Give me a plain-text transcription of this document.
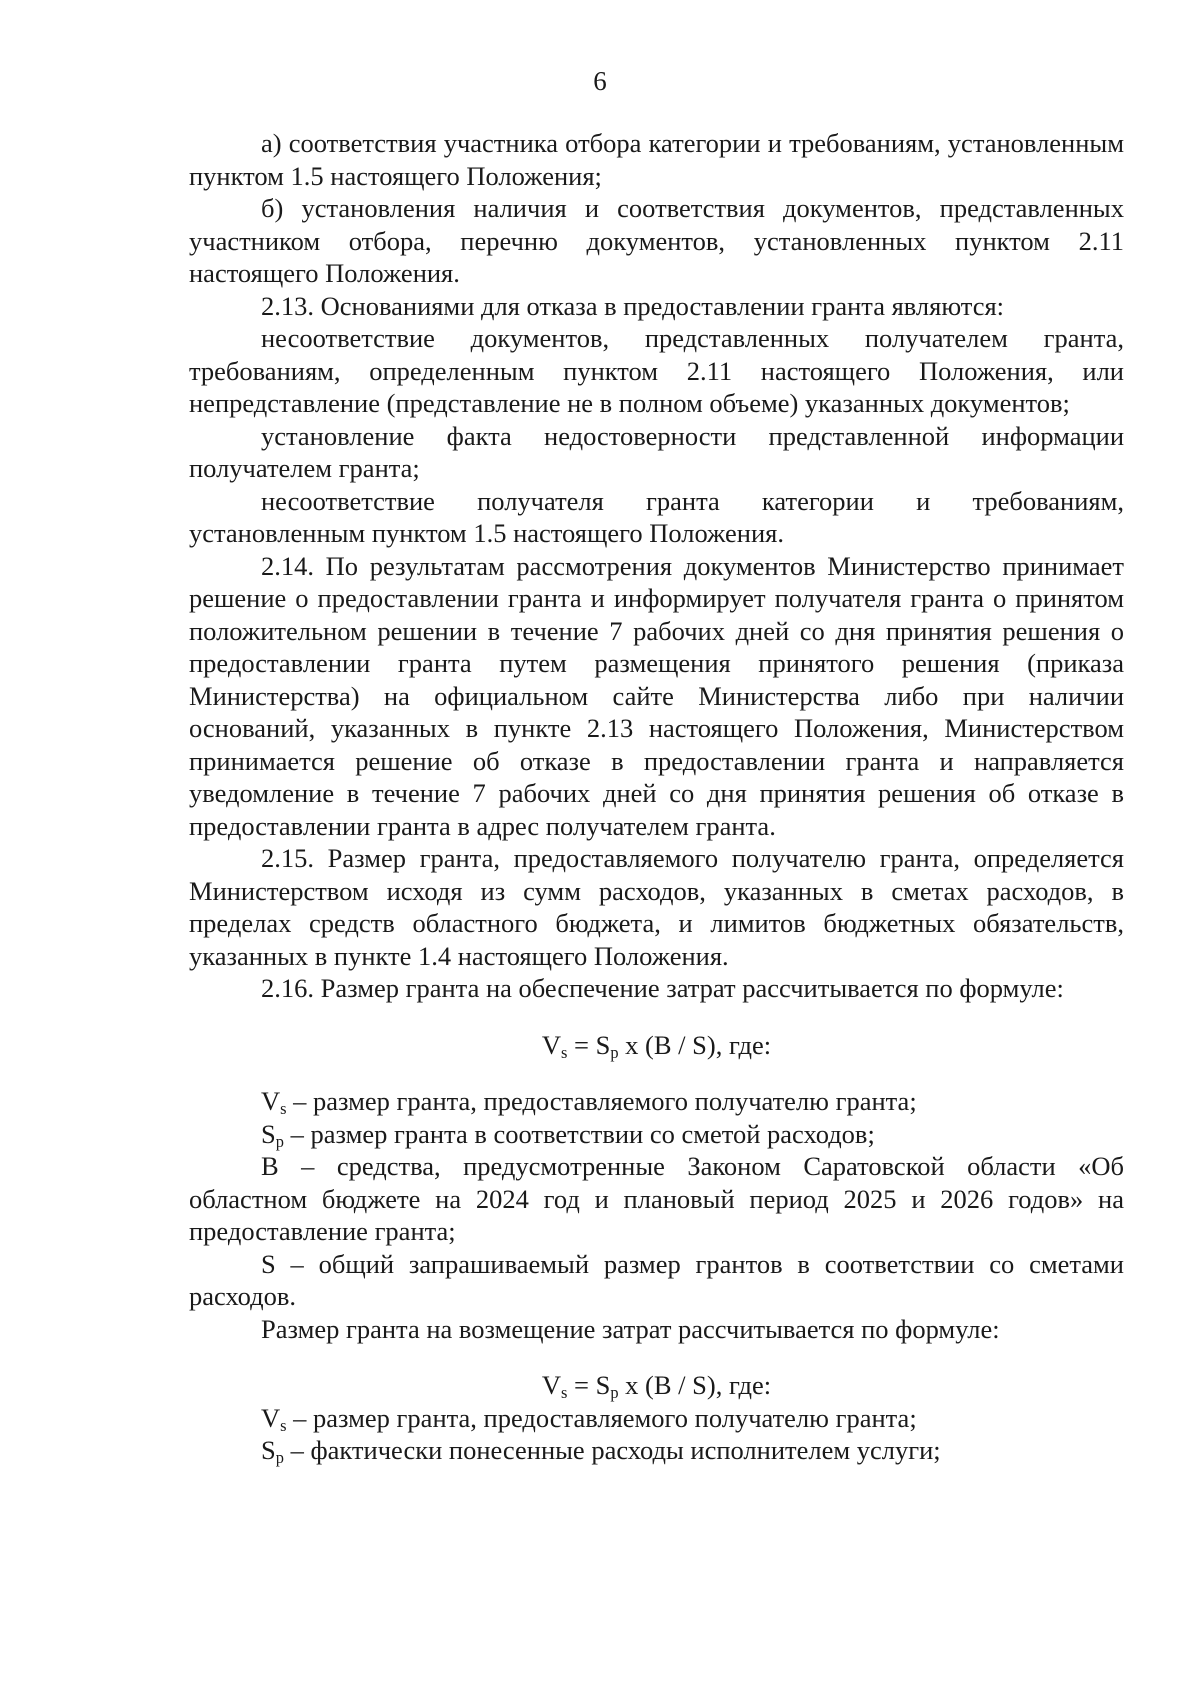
6

а) соответствия участника отбора категории и требованиям, установленным пунктом 1.5 настоящего Положения;

б) установления наличия и соответствия документов, представленных участником отбора, перечню документов, установленных пунктом 2.11 настоящего Положения.

2.13. Основаниями для отказа в предоставлении гранта являются:

несоответствие документов, представленных получателем гранта, требованиям, определенным пунктом 2.11 настоящего Положения, или непредставление (представление не в полном объеме) указанных документов;

установление факта недостоверности представленной информации получателем гранта;

несоответствие получателя гранта категории и требованиям, установленным пунктом 1.5 настоящего Положения.

2.14. По результатам рассмотрения документов Министерство принимает решение о предоставлении гранта и информирует получателя гранта о принятом положительном решении в течение 7 рабочих дней со дня принятия решения о предоставлении гранта путем размещения принятого решения (приказа Министерства) на официальном сайте Министерства либо при наличии оснований, указанных в пункте 2.13 настоящего Положения, Министерством принимается решение об отказе в предоставлении гранта и направляется уведомление в течение 7 рабочих дней со дня принятия решения об отказе в предоставлении гранта в адрес получателем гранта.

2.15. Размер гранта, предоставляемого получателю гранта, определяется Министерством исходя из сумм расходов, указанных в сметах расходов, в пределах средств областного бюджета, и лимитов бюджетных обязательств, указанных в пункте 1.4 настоящего Положения.

2.16. Размер гранта на обеспечение затрат рассчитывается по формуле:

$V_s = S_p$ x (B / S), где:

$V_s$ – размер гранта, предоставляемого получателю гранта;

$S_p$ – размер гранта в соответствии со сметой расходов;

В – средства, предусмотренные Законом Саратовской области «Об областном бюджете на 2024 год и плановый период 2025 и 2026 годов» на предоставление гранта;

S – общий запрашиваемый размер грантов в соответствии со сметами расходов.

Размер гранта на возмещение затрат рассчитывается по формуле:

$V_s = S_p$ x (B / S), где:

$V_s$ – размер гранта, предоставляемого получателю гранта;

$S_p$ – фактически понесенные расходы исполнителем услуги;
